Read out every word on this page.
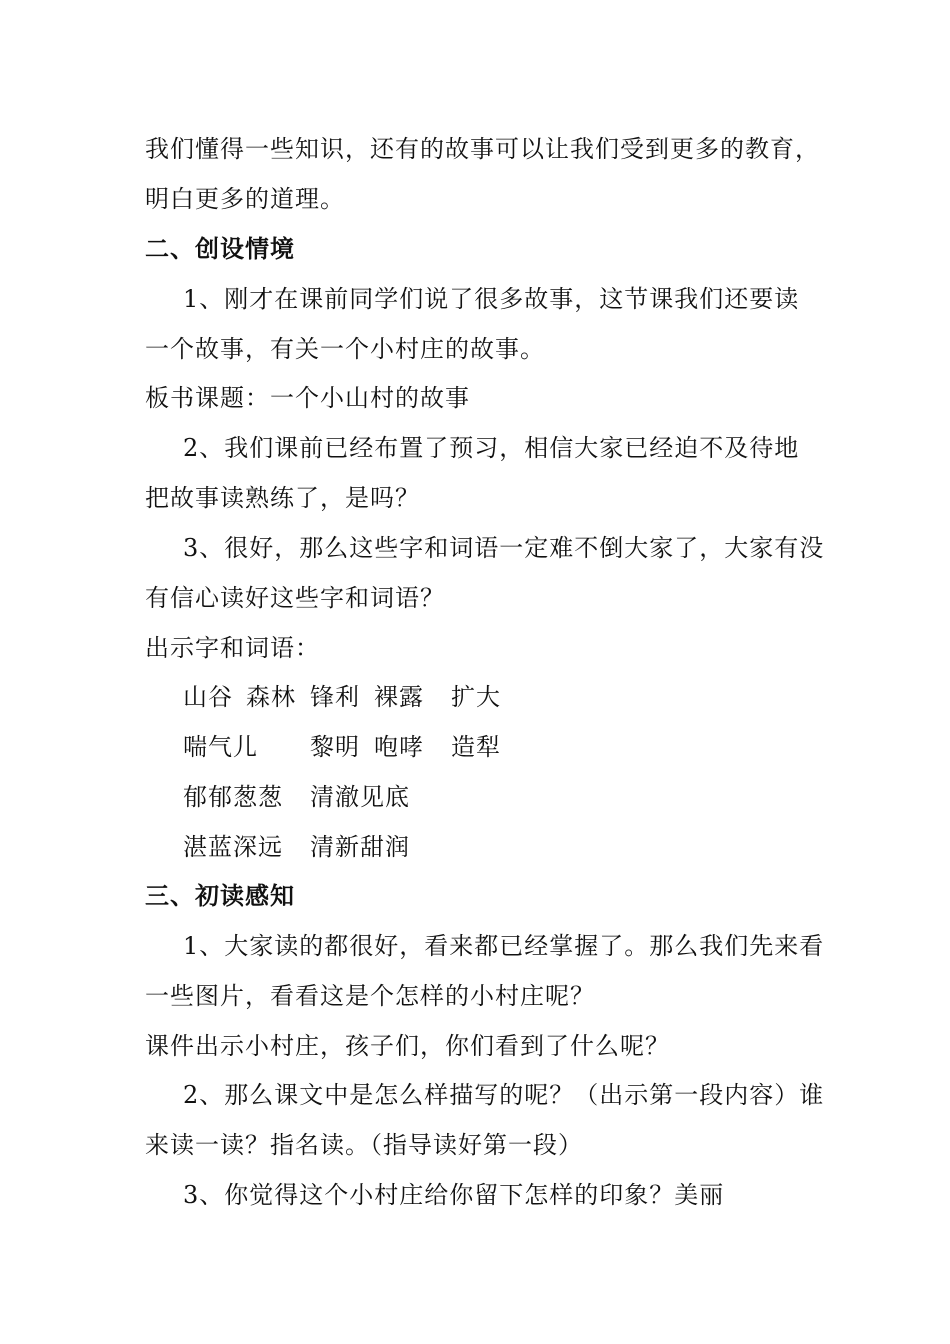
我们懂得一些知识，还有的故事可以让我们受到更多的教育，
明白更多的道理。
二、创设情境
1、刚才在课前同学们说了很多故事，这节课我们还要读
一个故事，有关一个小村庄的故事。
板书课题：一个小山村的故事
2、我们课前已经布置了预习，相信大家已经迫不及待地
把故事读熟练了，是吗？
3、很好，那么这些字和词语一定难不倒大家了，大家有没
有信心读好这些字和词语？
出示字和词语：
山谷 森林 锋利 裸露 扩大
喘气儿 黎明 咆哮 造犁
郁郁葱葱 清澈见底
湛蓝深远 清新甜润
三、初读感知
1、大家读的都很好，看来都已经掌握了。那么我们先来看
一些图片，看看这是个怎样的小村庄呢？
课件出示小村庄，孩子们，你们看到了什么呢？
2、那么课文中是怎么样描写的呢？（出示第一段内容）谁
来读一读？指名读。（指导读好第一段）
3、你觉得这个小村庄给你留下怎样的印象？美丽
